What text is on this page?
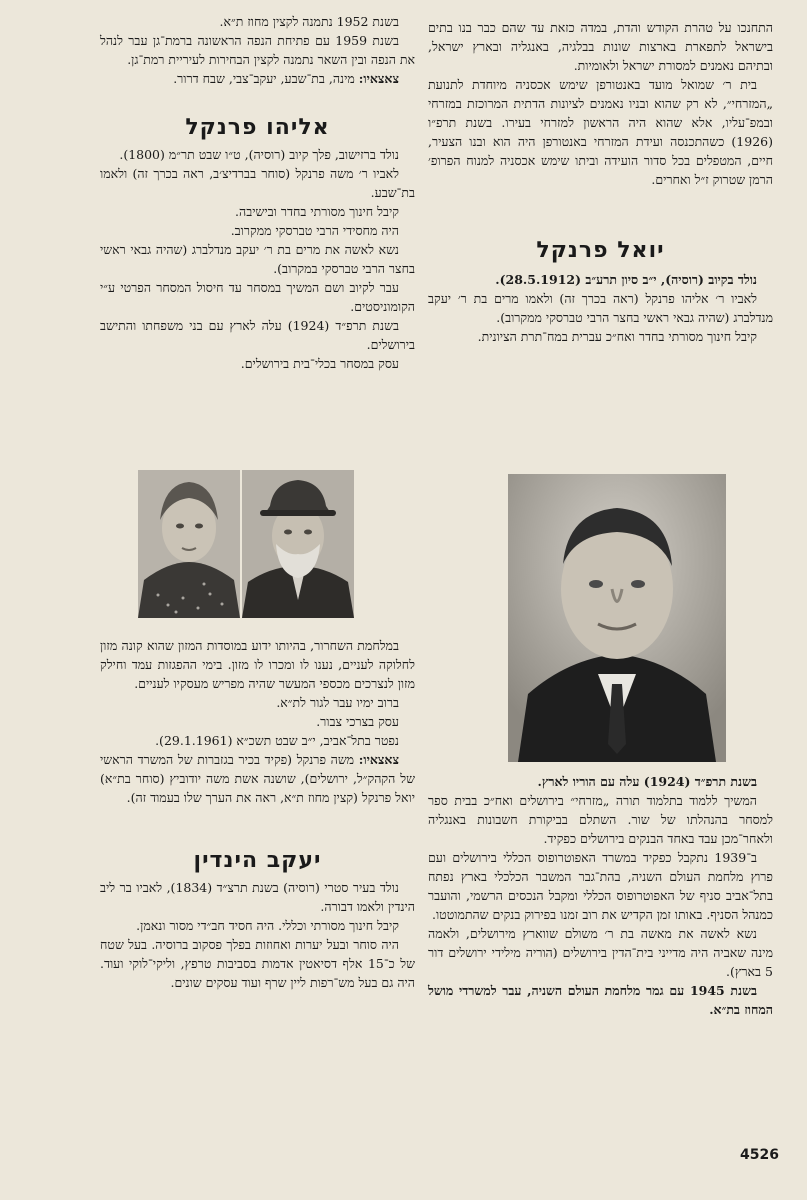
התחנכו על טהרת הקודש והדת, במדה כזאת עד שהם כבר בנו בתים בישראל לתפארת בארצות שונות בבלגיה, באנגליה ובארץ ישראל, ובתיהם נאמנים למסורת ישראל ולאומיות.

בית ר׳ שמואל מועד באנטורפן שימש אכסניה מיוחדת לתנועת „המזרחי״, לא רק שהוא ובניו נאמנים לציונות הדתית המרוכזת במזרחי ובמפ־עליו, אלא שהוא היה הראשון למזרחי בעירו. בשנת תרפ״ו (1926) כשהתכנסה ועידת המזרחי באנטורפן היה הוא ובנו הצעיר, חיים, המטפלים בכל סדור הועידה וביתו שימש אכסניה למנוח הפרופ׳ הרמן שטרוק ז״ל ואחרים.

יואל פרנקל

נולד בקיוב (רוסיה), י״ב סיון תרע״ב (28.5.1912).

לאביו ר׳ אליהו פרנקל (ראה בכרך זה) ולאמו מרים בת ר׳ יעקב מנדלברג (שהיה גבאי ראשי בחצר הרבי טברסקי ממקרוב).

קיבל חינוך מסורתי בחדר ואח״כ עברית במח־תרת הציונית.

בשנת תרפ״ד (1924) עלה עם הוריו לארץ.

המשיך ללמוד בתלמוד תורה „מזרחי״ בירושלים ואח״כ בבית ספר למסחר בהנהלתו של שור. השתלם בביקורת חשבונות באנגליה ולאחר־מכן עבד באחד הבנקים בירושלים כפקיד.

ב־1939 נתקבל כפקיד במשרד האפוטרופוס הכללי בירושלים ועם פרוץ מלחמת העולם השניה, בהת־גבר המשבר הכלכלי בארץ נפתח בתל־אביב סניף של האפוטרופוס הכללי ומקבל הנכסים הרשמי, והועבר כמנהל הסניף. באותו זמן הקדיש את רוב זמנו בפירוק בנקים שהתמוטטו.

נשא לאשה את מאשה בת ר׳ משולם שווארץ מירושלים, ולאמה מינה שאביה היה מדייני בית־הדין בירושלים (הוריה מילידי ירושלים דור 5 בארץ).

בשנת 1945 עם גמר מלחמת העולם השניה, עבר למשרדי מושל המחוז בת״א.

בשנת 1952 נתמנה לקצין מחוז ת״א.

בשנת 1959 עם פתיחת הנפה הראשונה ברמת־גן עבר לנהל את הנפה ובין השאר נתמנה לקצין הבחירות לעיריית רמת־גן.

צאצאיו: מינה, בת־שבע, יעקב־צבי, שבח דרור.

אליהו פרנקל

נולד ברזישוב, פלך קיוב (רוסיה), ט״ו שבט תר״מ (1800).

לאביו ר׳ משה פרנקל (סוחר בברדיצ׳ב, ראה בכרך זה) ולאמו בת־שבע.

קיבל חינוך מסורתי בחדר ובישיבה.

היה מחסידי הרבי טברסקי ממקרוב.

נשא לאשה את מרים בת ר׳ יעקב מנדלברג (שהיה גבאי ראשי בחצר הרבי טברסקי במקרוב).

עבר לקיוב ושם המשיך במסחר עד חיסול המסחר הפרטי ע״י הקומוניסטים.

בשנת תרפ״ד (1924) עלה לארץ עם בני משפחתו והתישב בירושלים.

עסק במסחר בכלי־בית בירושלים.

במלחמת השחרור, בהיותו ידוע במוסדות המזון שהוא קונה מזון לחלוקה לעניים, נענו לו ומכרו לו מזון. בימי ההפגזות עמד וחילק מזון לנצרכים מכספי המעשר שהיה מפריש מעסקיו לעניים.

ברוב ימיו עבר לגור לת״א.

עסק בצרכי צבור.

נפטר בתל־אביב, י״ב שבט תשכ״א (29.1.1961).

צאצאיו: משה פרנקל (פקיד בכיר בגזברות של המשרד הראשי של הקהק״ל, ירושלים), שושנה אשת משה יודוביץ (סוחר בת״א) יואל פרנקל (קצין מחוז ת״א, ראה את הערך שלו בעמוד זה).

יעקב הינדין

נולד בעיר סטרי (רוסיה) בשנת תרצ״ד (1834), לאביו בר ליב הינדין ולאמו דבורה.

קיבל חינוך מסורתי וכללי. היה חסיד חב״די מסור ונאמן.

היה סוחר ובעל יערות ואחוזות בפלך פסקוב ברוסיה. בעל שטח של כ־15 אלף דסיאטין אדמות בסביבות טרפץ, וליקי־לוקי ועוד. היה גם בעל מש־רפות ליין שרף ועוד עסקים שונים.

4526
